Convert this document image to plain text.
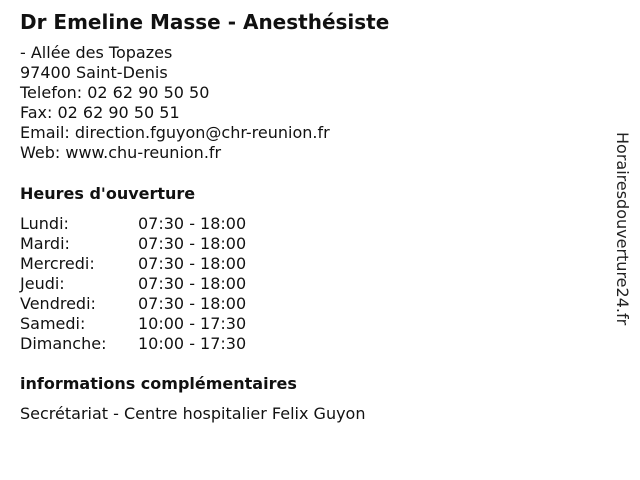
Dr Emeline Masse - Anesthésiste
- Allée des Topazes
97400 Saint-Denis
Telefon: 02 62 90 50 50
Fax: 02 62 90 50 51
Email: direction.fguyon@chr-reunion.fr
Web: www.chu-reunion.fr
Heures d'ouverture
Lundi:	07:30 - 18:00
Mardi:	07:30 - 18:00
Mercredi:	07:30 - 18:00
Jeudi:	07:30 - 18:00
Vendredi:	07:30 - 18:00
Samedi:	10:00 - 17:30
Dimanche: 10:00 - 17:30
informations complémentaires
Secrétariat - Centre hospitalier Felix Guyon
Horairesdouverture24.fr
